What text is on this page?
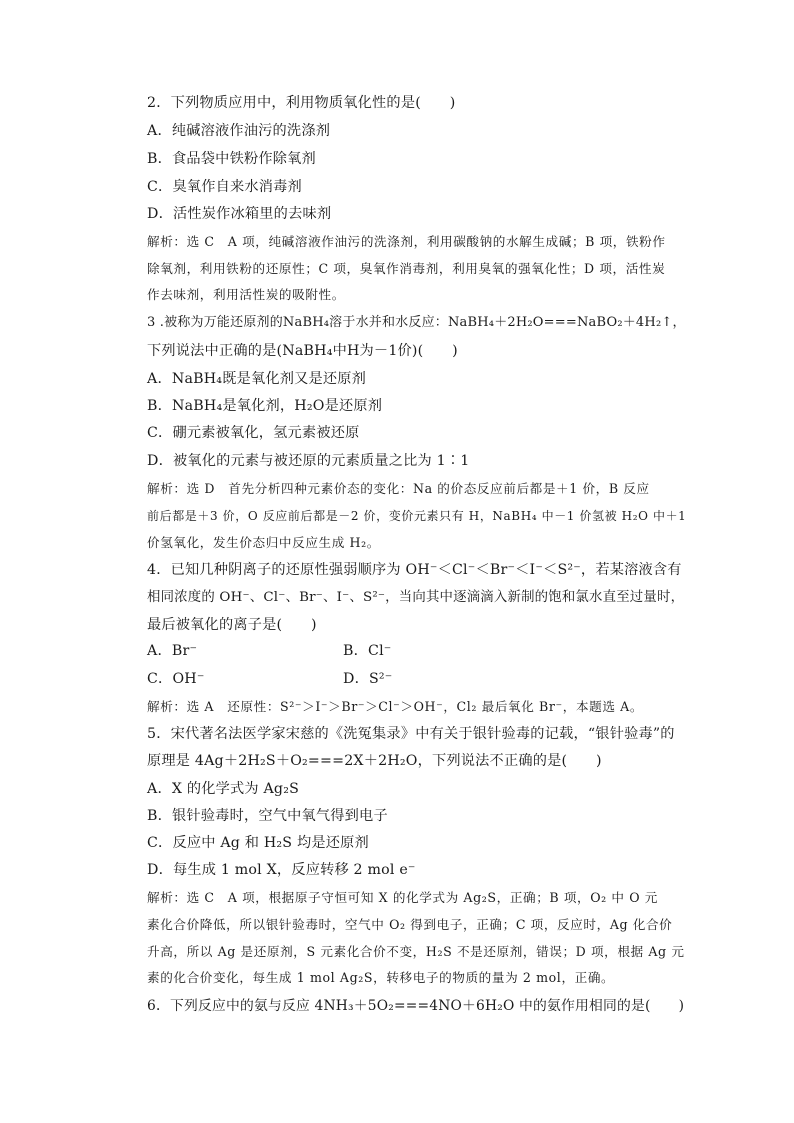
2．下列物质应用中，利用物质氧化性的是(　　)
A．纯碱溶液作油污的洗涤剂
B．食品袋中铁粉作除氧剂
C．臭氧作自来水消毒剂
D．活性炭作冰箱里的去味剂
解析：选 C　A 项，纯碱溶液作油污的洗涤剂，利用碳酸钠的水解生成碱；B 项，铁粉作
除氧剂，利用铁粉的还原性；C 项，臭氧作消毒剂，利用臭氧的强氧化性；D 项，活性炭
作去味剂，利用活性炭的吸附性。
3 .被称为万能还原剂的NaBH₄溶于水并和水反应：NaBH₄＋2H₂O===NaBO₂＋4H₂↑，
下列说法中正确的是(NaBH₄中H为－1价)(　　)
A．NaBH₄既是氧化剂又是还原剂
B．NaBH₄是氧化剂，H₂O是还原剂
C．硼元素被氧化，氢元素被还原
D．被氧化的元素与被还原的元素质量之比为 1∶1
解析：选 D　首先分析四种元素价态的变化：Na 的价态反应前后都是＋1 价，B 反应
前后都是＋3 价，O 反应前后都是－2 价，变价元素只有 H，NaBH₄ 中－1 价氢被 H₂O 中＋1
价氢氧化，发生价态归中反应生成 H₂。
4．已知几种阴离子的还原性强弱顺序为 OH⁻＜Cl⁻＜Br⁻＜I⁻＜S²⁻，若某溶液含有
相同浓度的 OH⁻、Cl⁻、Br⁻、I⁻、S²⁻，当向其中逐滴滴入新制的饱和氯水直至过量时，
最后被氧化的离子是(　　)
A．Br⁻	B．Cl⁻
C．OH⁻	D．S²⁻
解析：选 A　还原性：S²⁻＞I⁻＞Br⁻＞Cl⁻＞OH⁻，Cl₂ 最后氧化 Br⁻，本题选 A。
5．宋代著名法医学家宋慈的《洗冤集录》中有关于银针验毒的记载，“银针验毒”的
原理是 4Ag＋2H₂S＋O₂===2X＋2H₂O，下列说法不正确的是(　　)
A．X 的化学式为 Ag₂S
B．银针验毒时，空气中氧气得到电子
C．反应中 Ag 和 H₂S 均是还原剂
D．每生成 1 mol X，反应转移 2 mol e⁻
解析：选 C　A 项，根据原子守恒可知 X 的化学式为 Ag₂S，正确；B 项，O₂ 中 O 元
素化合价降低，所以银针验毒时，空气中 O₂ 得到电子，正确；C 项，反应时，Ag 化合价
升高，所以 Ag 是还原剂，S 元素化合价不变，H₂S 不是还原剂，错误；D 项，根据 Ag 元
素的化合价变化，每生成 1 mol Ag₂S，转移电子的物质的量为 2 mol，正确。
6．下列反应中的氨与反应 4NH₃＋5O₂===4NO＋6H₂O 中的氨作用相同的是(　　)
